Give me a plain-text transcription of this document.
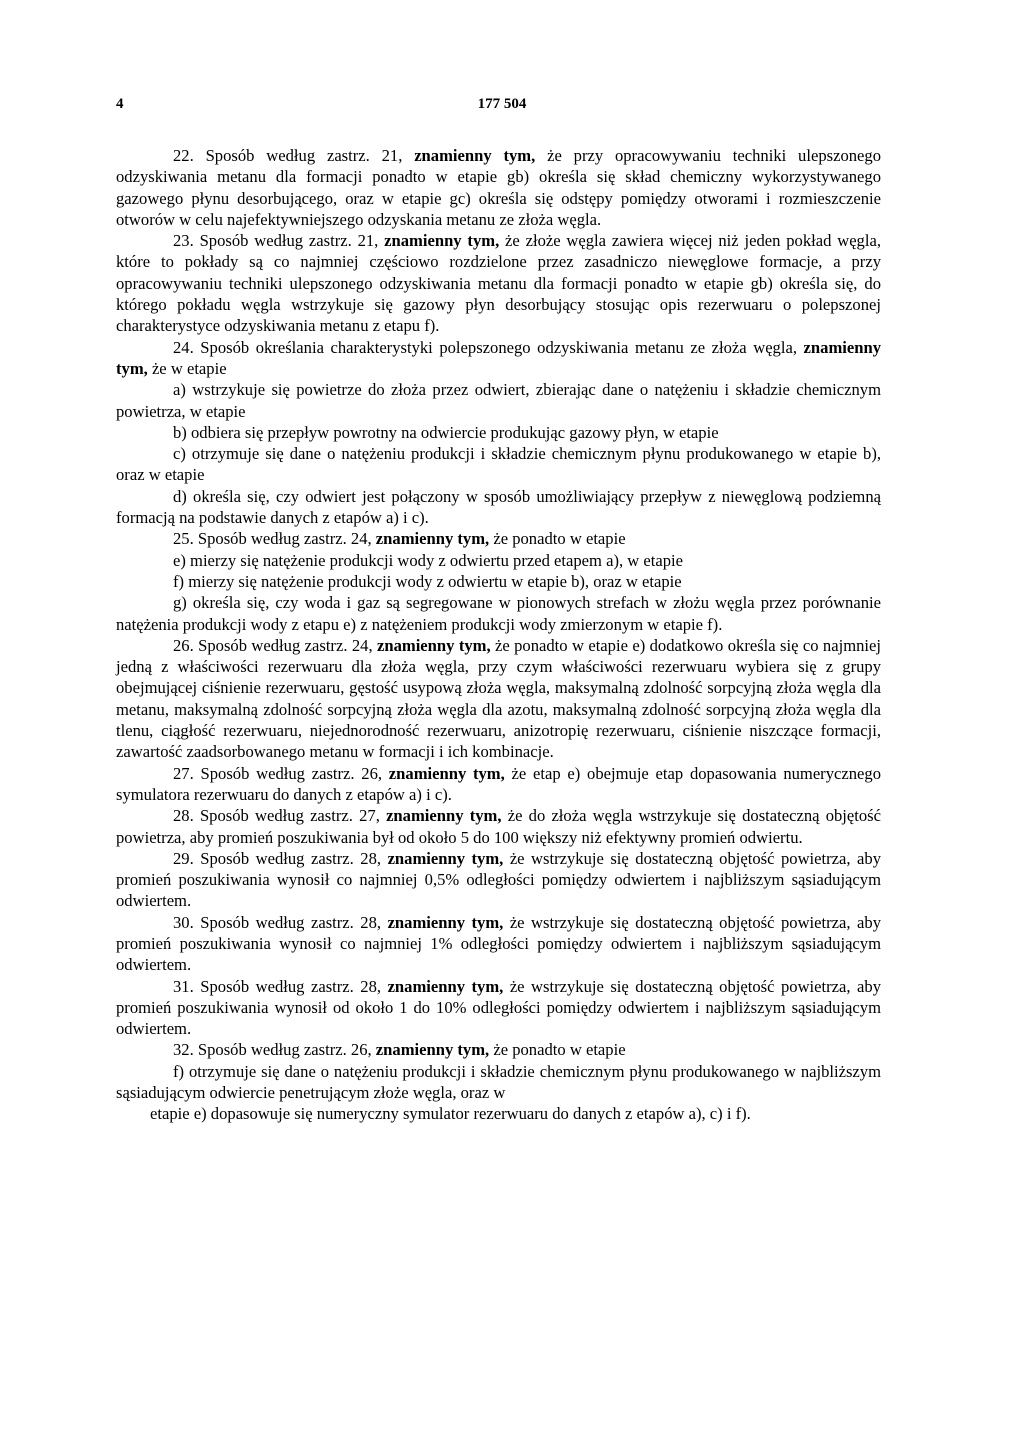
4	177 504

22. Sposób według zastrz. 21, znamienny tym, że przy opracowywaniu techniki ulepszonego odzyskiwania metanu dla formacji ponadto w etapie gb) określa się skład chemiczny wykorzystywanego gazowego płynu desorbującego, oraz w etapie gc) określa się odstępy pomiędzy otworami i rozmieszczenie otworów w celu najefektywniejszego odzyskania metanu ze złoża węgla.

23. Sposób według zastrz. 21, znamienny tym, że złoże węgla zawiera więcej niż jeden pokład węgla, które to pokłady są co najmniej częściowo rozdzielone przez zasadniczo niewęglowe formacje, a przy opracowywaniu techniki ulepszonego odzyskiwania metanu dla formacji ponadto w etapie gb) określa się, do którego pokładu węgla wstrzykuje się gazowy płyn desorbujący stosując opis rezerwuaru o polepszonej charakterystyce odzyskiwania metanu z etapu f).

24. Sposób określania charakterystyki polepszonego odzyskiwania metanu ze złoża węgla, znamienny tym, że w etapie

a) wstrzykuje się powietrze do złoża przez odwiert, zbierając dane o natężeniu i składzie chemicznym powietrza, w etapie

b) odbiera się przepływ powrotny na odwiercie produkując gazowy płyn, w etapie

c) otrzymuje się dane o natężeniu produkcji i składzie chemicznym płynu produkowanego w etapie b), oraz w etapie

d) określa się, czy odwiert jest połączony w sposób umożliwiający przepływ z niewęglową podziemną formacją na podstawie danych z etapów a) i c).

25. Sposób według zastrz. 24, znamienny tym, że ponadto w etapie

e) mierzy się natężenie produkcji wody z odwiertu przed etapem a), w etapie

f) mierzy się natężenie produkcji wody z odwiertu w etapie b), oraz w etapie

g) określa się, czy woda i gaz są segregowane w pionowych strefach w złożu węgla przez porównanie natężenia produkcji wody z etapu e) z natężeniem produkcji wody zmierzonym w etapie f).

26. Sposób według zastrz. 24, znamienny tym, że ponadto w etapie e) dodatkowo określa się co najmniej jedną z właściwości rezerwuaru dla złoża węgla, przy czym właściwości rezerwuaru wybiera się z grupy obejmującej ciśnienie rezerwuaru, gęstość usypową złoża węgla, maksymalną zdolność sorpcyjną złoża węgla dla metanu, maksymalną zdolność sorpcyjną złoża węgla dla azotu, maksymalną zdolność sorpcyjną złoża węgla dla tlenu, ciągłość rezerwuaru, niejednorodność rezerwuaru, anizotropię rezerwuaru, ciśnienie niszczące formacji, zawartość zaadsorbowanego metanu w formacji i ich kombinacje.

27. Sposób według zastrz. 26, znamienny tym, że etap e) obejmuje etap dopasowania numerycznego symulatora rezerwuaru do danych z etapów a) i c).

28. Sposób według zastrz. 27, znamienny tym, że do złoża węgla wstrzykuje się dostateczną objętość powietrza, aby promień poszukiwania był od około 5 do 100 większy niż efektywny promień odwiertu.

29. Sposób według zastrz. 28, znamienny tym, że wstrzykuje się dostateczną objętość powietrza, aby promień poszukiwania wynosił co najmniej 0,5% odległości pomiędzy odwiertem i najbliższym sąsiadującym odwiertem.

30. Sposób według zastrz. 28, znamienny tym, że wstrzykuje się dostateczną objętość powietrza, aby promień poszukiwania wynosił co najmniej 1% odległości pomiędzy odwiertem i najbliższym sąsiadującym odwiertem.

31. Sposób według zastrz. 28, znamienny tym, że wstrzykuje się dostateczną objętość powietrza, aby promień poszukiwania wynosił od około 1 do 10% odległości pomiędzy odwiertem i najbliższym sąsiadującym odwiertem.

32. Sposób według zastrz. 26, znamienny tym, że ponadto w etapie

f) otrzymuje się dane o natężeniu produkcji i składzie chemicznym płynu produkowanego w najbliższym sąsiadującym odwiercie penetrującym złoże węgla, oraz w

etapie e) dopasowuje się numeryczny symulator rezerwuaru do danych z etapów a), c) i f).
